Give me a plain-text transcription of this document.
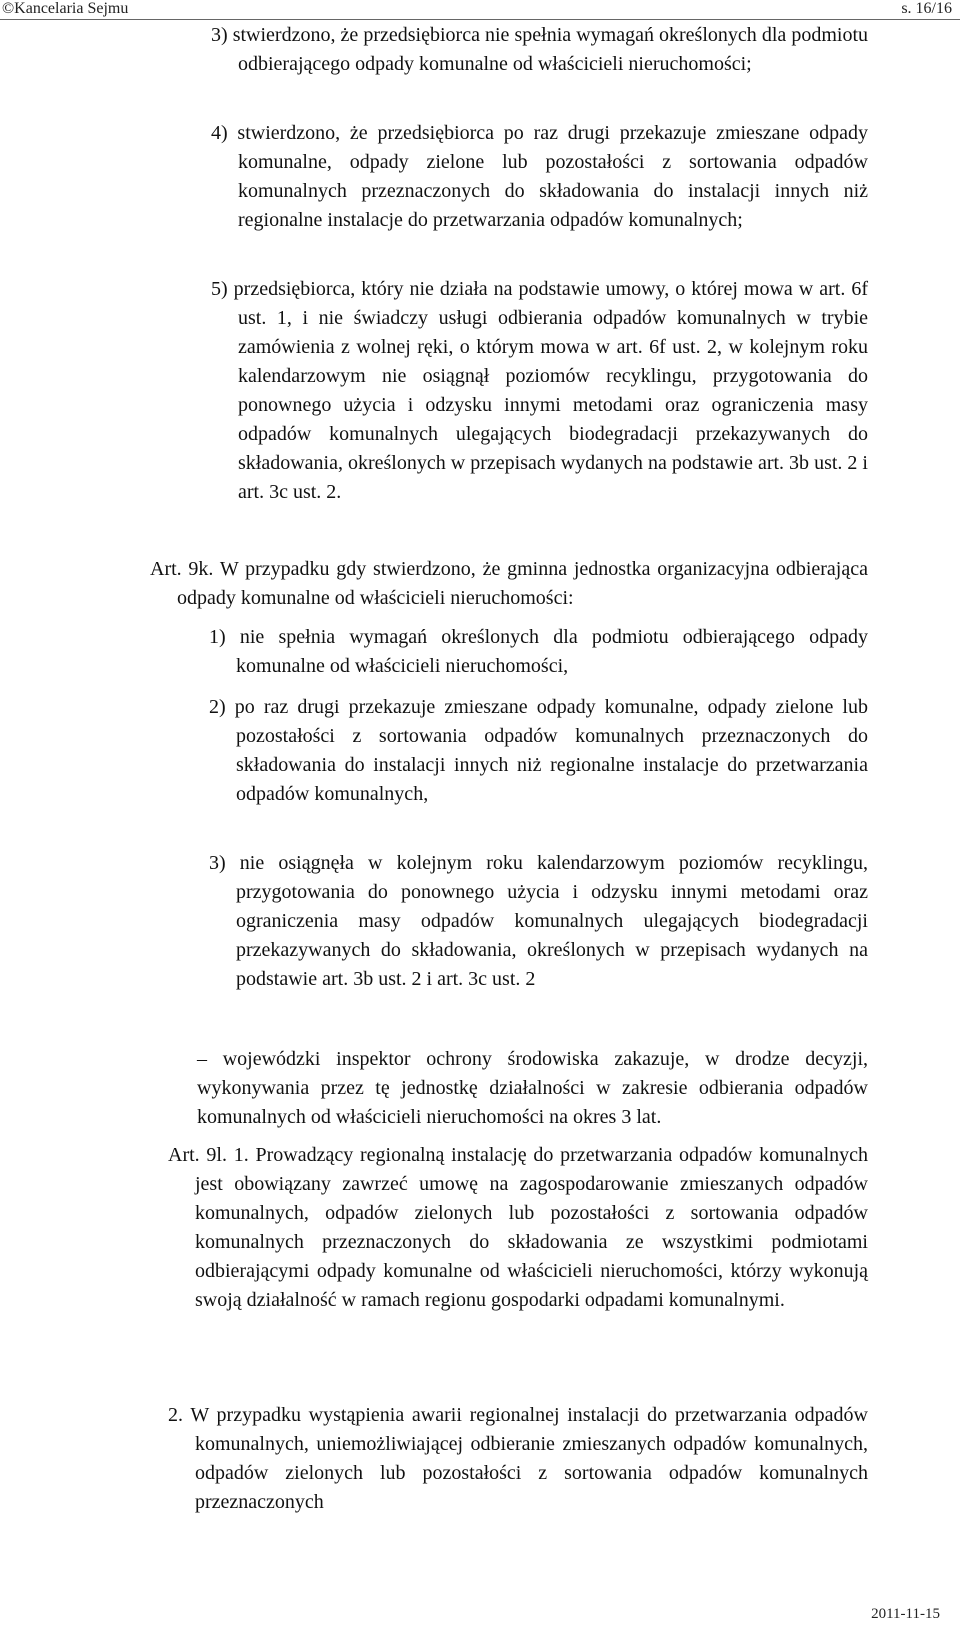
©Kancelaria Sejmu	s. 16/16

3) stwierdzono, że przedsiębiorca nie spełnia wymagań określonych dla podmiotu odbierającego odpady komunalne od właścicieli nieruchomości;

4) stwierdzono, że przedsiębiorca po raz drugi przekazuje zmieszane odpady komunalne, odpady zielone lub pozostałości z sortowania odpadów komunalnych przeznaczonych do składowania do instalacji innych niż regionalne instalacje do przetwarzania odpadów komunalnych;

5) przedsiębiorca, który nie działa na podstawie umowy, o której mowa w art. 6f ust. 1, i nie świadczy usługi odbierania odpadów komunalnych w trybie zamówienia z wolnej ręki, o którym mowa w art. 6f ust. 2, w kolejnym roku kalendarzowym nie osiągnął poziomów recyklingu, przygotowania do ponownego użycia i odzysku innymi metodami oraz ograniczenia masy odpadów komunalnych ulegających biodegradacji przekazywanych do składowania, określonych w przepisach wydanych na podstawie art. 3b ust. 2 i art. 3c ust. 2.

Art. 9k. W przypadku gdy stwierdzono, że gminna jednostka organizacyjna odbierająca odpady komunalne od właścicieli nieruchomości:

1) nie spełnia wymagań określonych dla podmiotu odbierającego odpady komunalne od właścicieli nieruchomości,

2) po raz drugi przekazuje zmieszane odpady komunalne, odpady zielone lub pozostałości z sortowania odpadów komunalnych przeznaczonych do składowania do instalacji innych niż regionalne instalacje do przetwarzania odpadów komunalnych,

3) nie osiągnęła w kolejnym roku kalendarzowym poziomów recyklingu, przygotowania do ponownego użycia i odzysku innymi metodami oraz ograniczenia masy odpadów komunalnych ulegających biodegradacji przekazywanych do składowania, określonych w przepisach wydanych na podstawie art. 3b ust. 2 i art. 3c ust. 2

– wojewódzki inspektor ochrony środowiska zakazuje, w drodze decyzji, wykonywania przez tę jednostkę działalności w zakresie odbierania odpadów komunalnych od właścicieli nieruchomości na okres 3 lat.

Art. 9l. 1. Prowadzący regionalną instalację do przetwarzania odpadów komunalnych jest obowiązany zawrzeć umowę na zagospodarowanie zmieszanych odpadów komunalnych, odpadów zielonych lub pozostałości z sortowania odpadów komunalnych przeznaczonych do składowania ze wszystkimi podmiotami odbierającymi odpady komunalne od właścicieli nieruchomości, którzy wykonują swoją działalność w ramach regionu gospodarki odpadami komunalnymi.

2. W przypadku wystąpienia awarii regionalnej instalacji do przetwarzania odpadów komunalnych, uniemożliwiającej odbieranie zmieszanych odpadów komunalnych, odpadów zielonych lub pozostałości z sortowania odpadów komunalnych przeznaczonych

2011-11-15
